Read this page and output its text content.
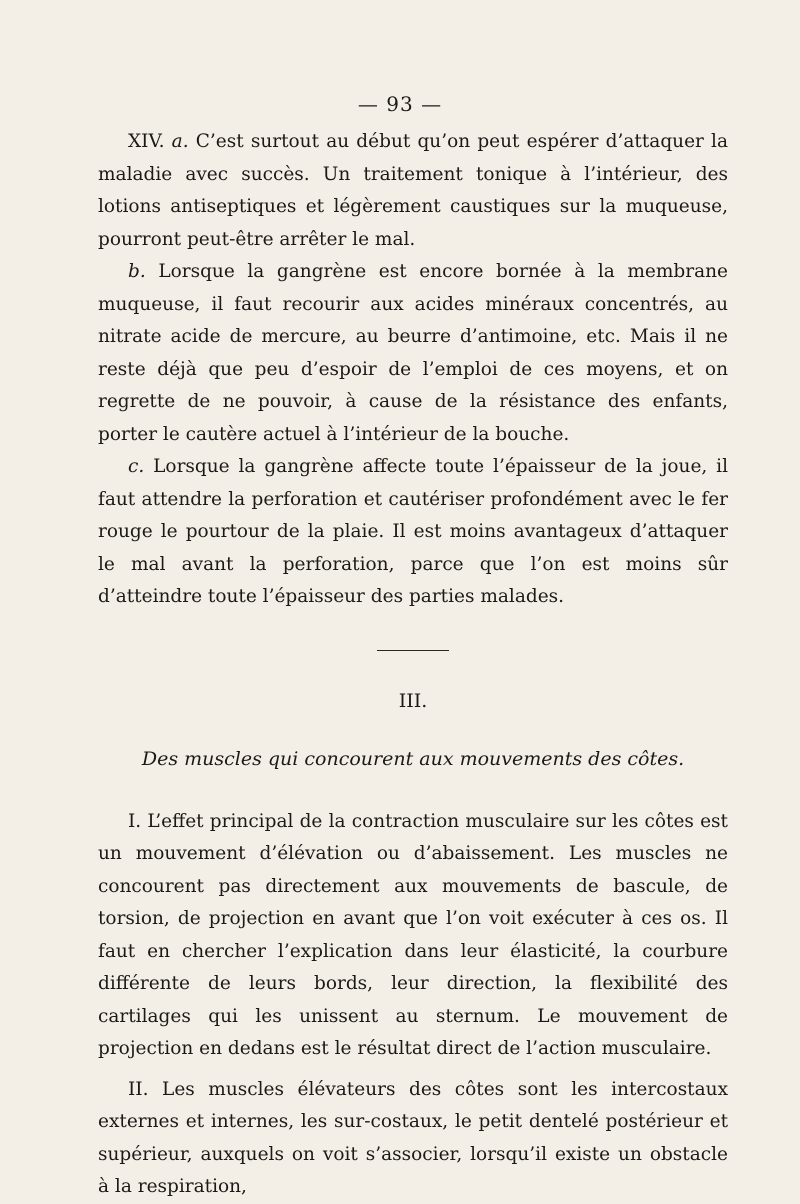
— 93 —

XIV. a. C’est surtout au début qu’on peut espérer d’attaquer la maladie avec succès. Un traitement tonique à l’intérieur, des lotions antiseptiques et légèrement caustiques sur la muqueuse, pourront peut-être arrêter le mal.

b. Lorsque la gangrène est encore bornée à la membrane muqueuse, il faut recourir aux acides minéraux concentrés, au nitrate acide de mercure, au beurre d’antimoine, etc. Mais il ne reste déjà que peu d’espoir de l’emploi de ces moyens, et on regrette de ne pouvoir, à cause de la résistance des enfants, porter le cautère actuel à l’intérieur de la bouche.

c. Lorsque la gangrène affecte toute l’épaisseur de la joue, il faut attendre la perforation et cautériser profondément avec le fer rouge le pourtour de la plaie. Il est moins avantageux d’attaquer le mal avant la perforation, parce que l’on est moins sûr d’atteindre toute l’épaisseur des parties malades.

III.
Des muscles qui concourent aux mouvements des côtes.

I. L’effet principal de la contraction musculaire sur les côtes est un mouvement d’élévation ou d’abaissement. Les muscles ne concourent pas directement aux mouvements de bascule, de torsion, de projection en avant que l’on voit exécuter à ces os. Il faut en chercher l’explication dans leur élasticité, la courbure différente de leurs bords, leur direction, la flexibilité des cartilages qui les unissent au sternum. Le mouvement de projection en dedans est le résultat direct de l’action musculaire.

II. Les muscles élévateurs des côtes sont les intercostaux externes et internes, les sur-costaux, le petit dentelé postérieur et supérieur, auxquels on voit s’associer, lorsqu’il existe un obstacle à la respiration,
